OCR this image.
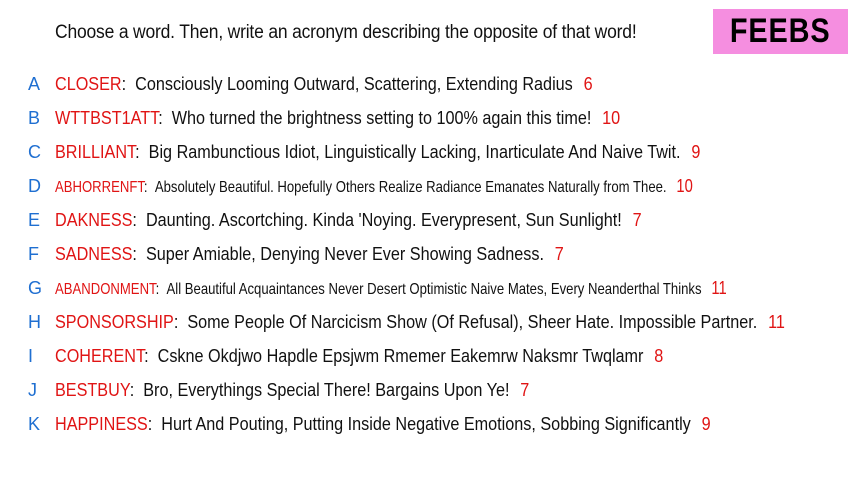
Choose a word. Then, write an acronym describing the opposite of that word!	FEEBS
A CLOSER:  Consciously Looming Outward, Scattering, Extending Radius 6
B WTTBST1ATT:  Who turned the brightness setting to 100% again this time! 10
C BRILLIANT:  Big Rambunctious Idiot, Linguistically Lacking, Inarticulate And Naive Twit. 9
D ABHORRENFT:  Absolutely Beautiful. Hopefully Others Realize Radiance Emanates Naturally from Thee. 10
E DAKNESS:  Daunting. Ascortching. Kinda 'Noying. Everypresent, Sun Sunlight! 7
F SADNESS:  Super Amiable, Denying Never Ever Showing Sadness. 7
G ABANDONMENT:  All Beautiful Acquaintances Never Desert Optimistic Naive Mates, Every Neanderthal Thinks 11
H SPONSORSHIP:  Some People Of Narcicism Show (Of Refusal), Sheer Hate. Impossible Partner. 11
I	COHERENT:  Cskne Okdjwo Hapdle Epsjwm Rmemer Eakemrw Naksmr Twqlamr 8
J	BESTBUY:  Bro, Everythings Special There! Bargains Upon Ye! 7
K HAPPINESS:  Hurt And Pouting, Putting Inside Negative Emotions, Sobbing Significantly 9
